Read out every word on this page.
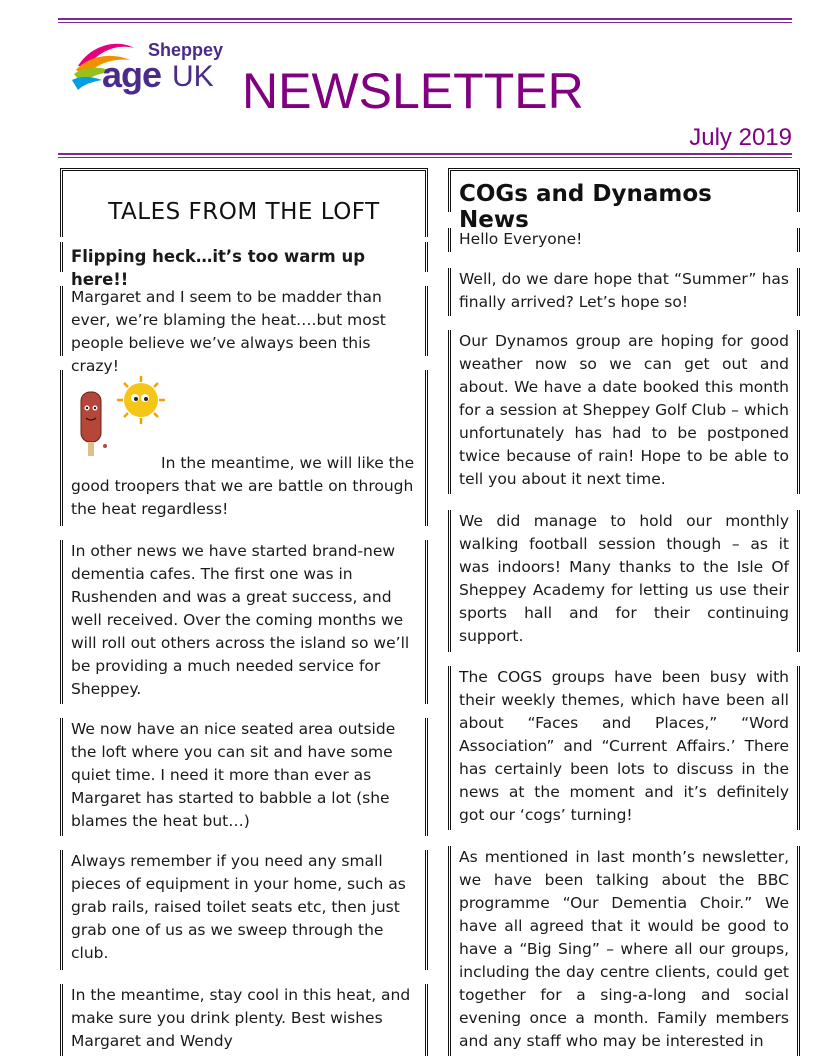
Sheppey
age UK NEWSLETTER
July 2019
TALES FROM THE LOFT

Flipping heck…it’s too warm up here!!

Margaret and I seem to be madder than ever, we’re blaming the heat….but most people believe we’ve always been this crazy!

In the meantime, we will like the good troopers that we are battle on through the heat regardless!

In other news we have started brand-new dementia cafes. The first one was in Rushenden and was a great success, and well received. Over the coming months we will roll out others across the island so we’ll be providing a much needed service for Sheppey.

We now have an nice seated area outside the loft where you can sit and have some quiet time. I need it more than ever as Margaret has started to babble a lot (she blames the heat but…)

Always remember if you need any small pieces of equipment in your home, such as grab rails, raised toilet seats etc, then just grab one of us as we sweep through the club.

In the meantime, stay cool in this heat, and make sure you drink plenty. Best wishes Margaret and Wendy

COGs and Dynamos News

Hello Everyone!

Well, do we dare hope that “Summer” has finally arrived? Let’s hope so!

Our Dynamos group are hoping for good weather now so we can get out and about. We have a date booked this month for a session at Sheppey Golf Club – which unfortunately has had to be postponed twice because of rain! Hope to be able to tell you about it next time.

We did manage to hold our monthly walking football session though – as it was indoors! Many thanks to the Isle Of Sheppey Academy for letting us use their sports hall and for their continuing support.

The COGS groups have been busy with their weekly themes, which have been all about “Faces and Places,” “Word Association” and “Current Affairs.’ There has certainly been lots to discuss in the news at the moment and it’s definitely got our ‘cogs’ turning!

As mentioned in last month’s newsletter, we have been talking about the BBC programme “Our Dementia Choir.” We have all agreed that it would be good to have a “Big Sing” – where all our groups, including the day centre clients, could get together for a sing-a-long and social evening once a month. Family members and any staff who may be interested in
